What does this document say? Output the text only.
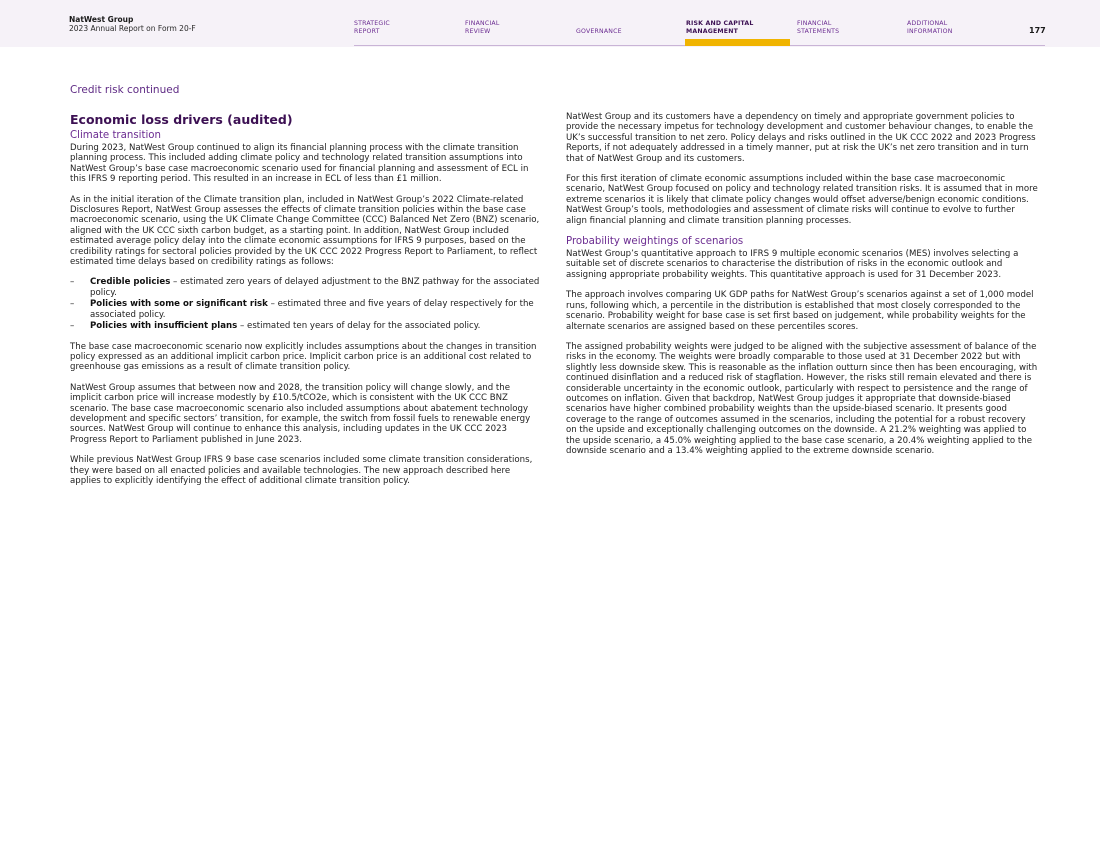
NatWest Group
2023 Annual Report on Form 20-F
STRATEGIC
REPORT
FINANCIAL
REVIEW	GOVERNANCE
RISK AND CAPITAL
MANAGEMENT
FINANCIAL
STATEMENTS
ADDITIONAL
INFORMATION	177
Credit risk continued
Economic loss drivers (audited)
Climate transition

During 2023, NatWest Group continued to align its financial planning process with the climate transition planning process. This included adding climate policy and technology related transition assumptions into NatWest Group’s base case macroeconomic scenario used for financial planning and assessment of ECL in this IFRS 9 reporting period. This resulted in an increase in ECL of less than £1 million.

As in the initial iteration of the Climate transition plan, included in NatWest Group’s 2022 Climate-related Disclosures Report, NatWest Group assesses the effects of climate transition policies within the base case macroeconomic scenario, using the UK Climate Change Committee (CCC) Balanced Net Zero (BNZ) scenario, aligned with the UK CCC sixth carbon budget, as a starting point. In addition, NatWest Group included estimated average policy delay into the climate economic assumptions for IFRS 9 purposes, based on the credibility ratings for sectoral policies provided by the UK CCC 2022 Progress Report to Parliament, to reflect estimated time delays based on credibility ratings as follows:

– Credible policies – estimated zero years of delayed adjustment to the BNZ pathway for the associated policy.
– Policies with some or significant risk – estimated three and five years of delay respectively for the associated policy.
– Policies with insufficient plans – estimated ten years of delay for the associated policy.

The base case macroeconomic scenario now explicitly includes assumptions about the changes in transition policy expressed as an additional implicit carbon price. Implicit carbon price is an additional cost related to greenhouse gas emissions as a result of climate transition policy.

NatWest Group assumes that between now and 2028, the transition policy will change slowly, and the implicit carbon price will increase modestly by £10.5/tCO2e, which is consistent with the UK CCC BNZ scenario. The base case macroeconomic scenario also included assumptions about abatement technology development and specific sectors’ transition, for example, the switch from fossil fuels to renewable energy sources. NatWest Group will continue to enhance this analysis, including updates in the UK CCC 2023 Progress Report to Parliament published in June 2023.

While previous NatWest Group IFRS 9 base case scenarios included some climate transition considerations, they were based on all enacted policies and available technologies. The new approach described here applies to explicitly identifying the effect of additional climate transition policy.

NatWest Group and its customers have a dependency on timely and appropriate government policies to provide the necessary impetus for technology development and customer behaviour changes, to enable the UK’s successful transition to net zero. Policy delays and risks outlined in the UK CCC 2022 and 2023 Progress Reports, if not adequately addressed in a timely manner, put at risk the UK’s net zero transition and in turn that of NatWest Group and its customers.

For this first iteration of climate economic assumptions included within the base case macroeconomic scenario, NatWest Group focused on policy and technology related transition risks. It is assumed that in more extreme scenarios it is likely that climate policy changes would offset adverse/benign economic conditions. NatWest Group’s tools, methodologies and assessment of climate risks will continue to evolve to further align financial planning and climate transition planning processes.

Probability weightings of scenarios

NatWest Group’s quantitative approach to IFRS 9 multiple economic scenarios (MES) involves selecting a suitable set of discrete scenarios to characterise the distribution of risks in the economic outlook and assigning appropriate probability weights. This quantitative approach is used for 31 December 2023.

The approach involves comparing UK GDP paths for NatWest Group’s scenarios against a set of 1,000 model runs, following which, a percentile in the distribution is established that most closely corresponded to the scenario. Probability weight for base case is set first based on judgement, while probability weights for the alternate scenarios are assigned based on these percentiles scores.

The assigned probability weights were judged to be aligned with the subjective assessment of balance of the risks in the economy. The weights were broadly comparable to those used at 31 December 2022 but with slightly less downside skew. This is reasonable as the inflation outturn since then has been encouraging, with continued disinflation and a reduced risk of stagflation. However, the risks still remain elevated and there is considerable uncertainty in the economic outlook, particularly with respect to persistence and the range of outcomes on inflation. Given that backdrop, NatWest Group judges it appropriate that downside-biased scenarios have higher combined probability weights than the upside-biased scenario. It presents good coverage to the range of outcomes assumed in the scenarios, including the potential for a robust recovery on the upside and exceptionally challenging outcomes on the downside. A 21.2% weighting was applied to the upside scenario, a 45.0% weighting applied to the base case scenario, a 20.4% weighting applied to the downside scenario and a 13.4% weighting applied to the extreme downside scenario.
